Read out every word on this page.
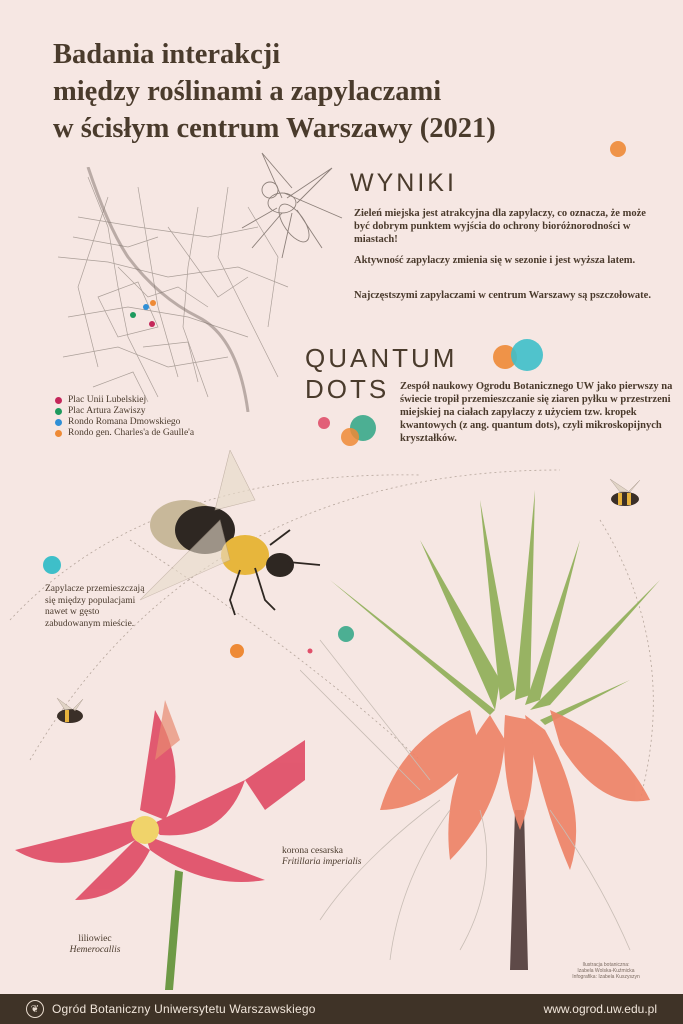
Badania interakcji
między roślinami a zapylaczami
w ścisłym centrum Warszawy (2021)
Plac Unii Lubelskiej
Plac Artura Zawiszy
Rondo Romana Dmowskiego
Rondo gen. Charles'a de Gaulle'a
WYNIKI
Zieleń miejska jest atrakcyjna dla zapylaczy, co oznacza, że może być dobrym punktem wyjścia do ochrony bioróżnorodności w miastach!
Aktywność zapylaczy zmienia się w sezonie i jest wyższa latem.
Najczęstszymi zapylaczami w centrum Warszawy są pszczołowate.
QUANTUM
DOTS Zespół naukowy Ogrodu Botanicznego UW jako pierwszy na świecie tropił przemieszczanie się ziaren pyłku w przestrzeni miejskiej na ciałach zapylaczy z użyciem tzw. kropek kwantowych (z ang. quantum dots), czyli mikroskopijnych kryształków.
Zapylacze przemieszczają się między populacjami nawet w gęsto zabudowanym mieście.
liliowiec
Hemerocallis
korona cesarska
Fritillaria imperialis
Ilustracja botaniczna:
Izabela Wolska-Kuźmicka
Infografika: Izabela Kuszyszyn
❦	Ogród Botaniczny Uniwersytetu Warszawskiego	www.ogrod.uw.edu.pl
